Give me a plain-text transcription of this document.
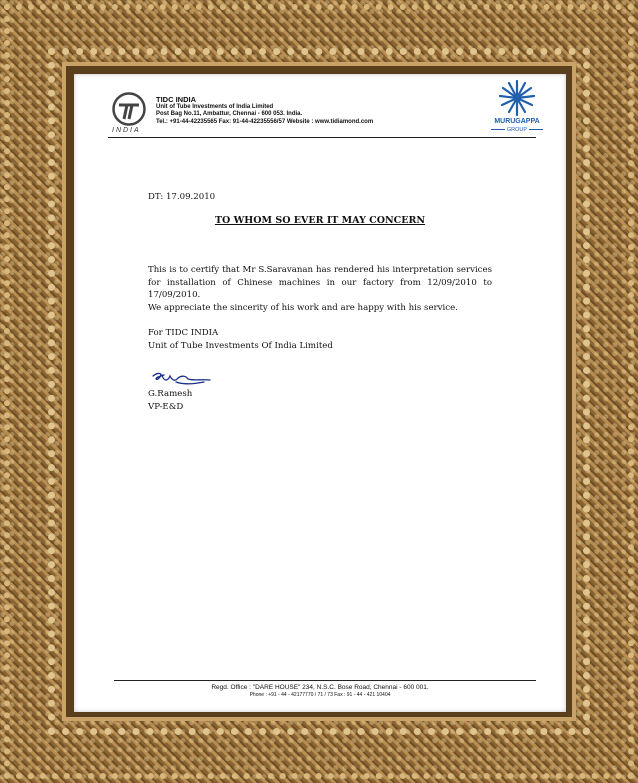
INDIA
TIDC INDIA
Unit of Tube Investments of India Limited
Post Bag No.11, Ambattur, Chennai - 600 053. India.
Tel.: +91-44-42235565 Fax: 91-44-42235556/57 Website : www.tidiamond.com	MURUGAPPA
GROUP
DT: 17.09.2010
TO WHOM SO EVER IT MAY CONCERN
This is to certify that Mr S.Saravanan has rendered his interpretation services for installation of Chinese machines in our factory from 12/09/2010 to 17/09/2010.
We appreciate the sincerity of his work and are happy with his service.
For TIDC INDIA
Unit of Tube Investments Of India Limited
G.Ramesh
VP-E&D
Regd. Office : "DARE HOUSE" 234, N.S.C. Bose Road, Chennai - 600 001.
Phone : +91 - 44 - 42177770 / 71 / 73 Fax : 91 - 44 - 421 10404
